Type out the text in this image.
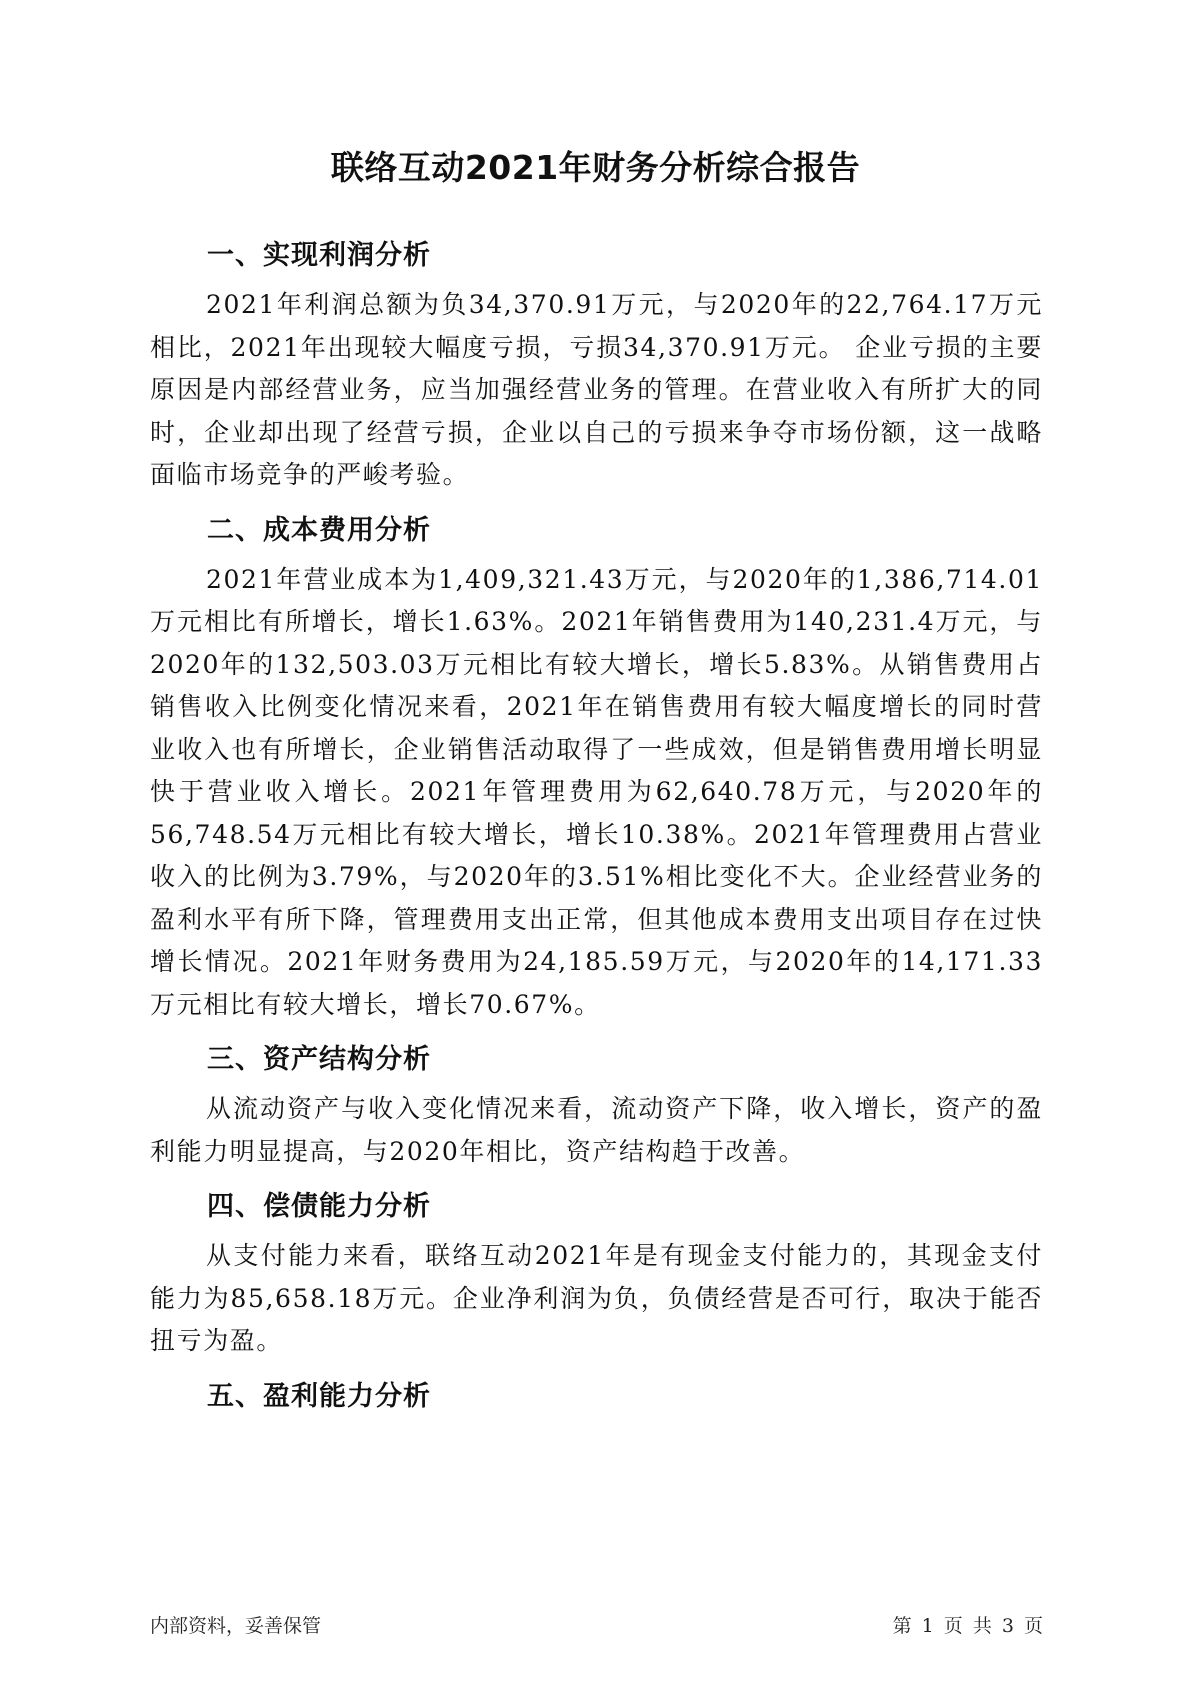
联络互动2021年财务分析综合报告
一、实现利润分析

2021年利润总额为负34,370.91万元，与2020年的22,764.17万元相比，2021年出现较大幅度亏损，亏损34,370.91万元。 企业亏损的主要原因是内部经营业务，应当加强经营业务的管理。在营业收入有所扩大的同时，企业却出现了经营亏损，企业以自己的亏损来争夺市场份额，这一战略面临市场竞争的严峻考验。

二、成本费用分析

2021年营业成本为1,409,321.43万元，与2020年的1,386,714.01万元相比有所增长，增长1.63%。2021年销售费用为140,231.4万元，与2020年的132,503.03万元相比有较大增长，增长5.83%。从销售费用占销售收入比例变化情况来看，2021年在销售费用有较大幅度增长的同时营业收入也有所增长，企业销售活动取得了一些成效，但是销售费用增长明显快于营业收入增长。2021年管理费用为62,640.78万元，与2020年的56,748.54万元相比有较大增长，增长10.38%。2021年管理费用占营业收入的比例为3.79%，与2020年的3.51%相比变化不大。企业经营业务的盈利水平有所下降，管理费用支出正常，但其他成本费用支出项目存在过快增长情况。2021年财务费用为24,185.59万元，与2020年的14,171.33万元相比有较大增长，增长70.67%。

三、资产结构分析

从流动资产与收入变化情况来看，流动资产下降，收入增长，资产的盈利能力明显提高，与2020年相比，资产结构趋于改善。

四、偿债能力分析

从支付能力来看，联络互动2021年是有现金支付能力的，其现金支付能力为85,658.18万元。企业净利润为负，负债经营是否可行，取决于能否扭亏为盈。

五、盈利能力分析
内部资料，妥善保管	第 1 页 共 3 页
